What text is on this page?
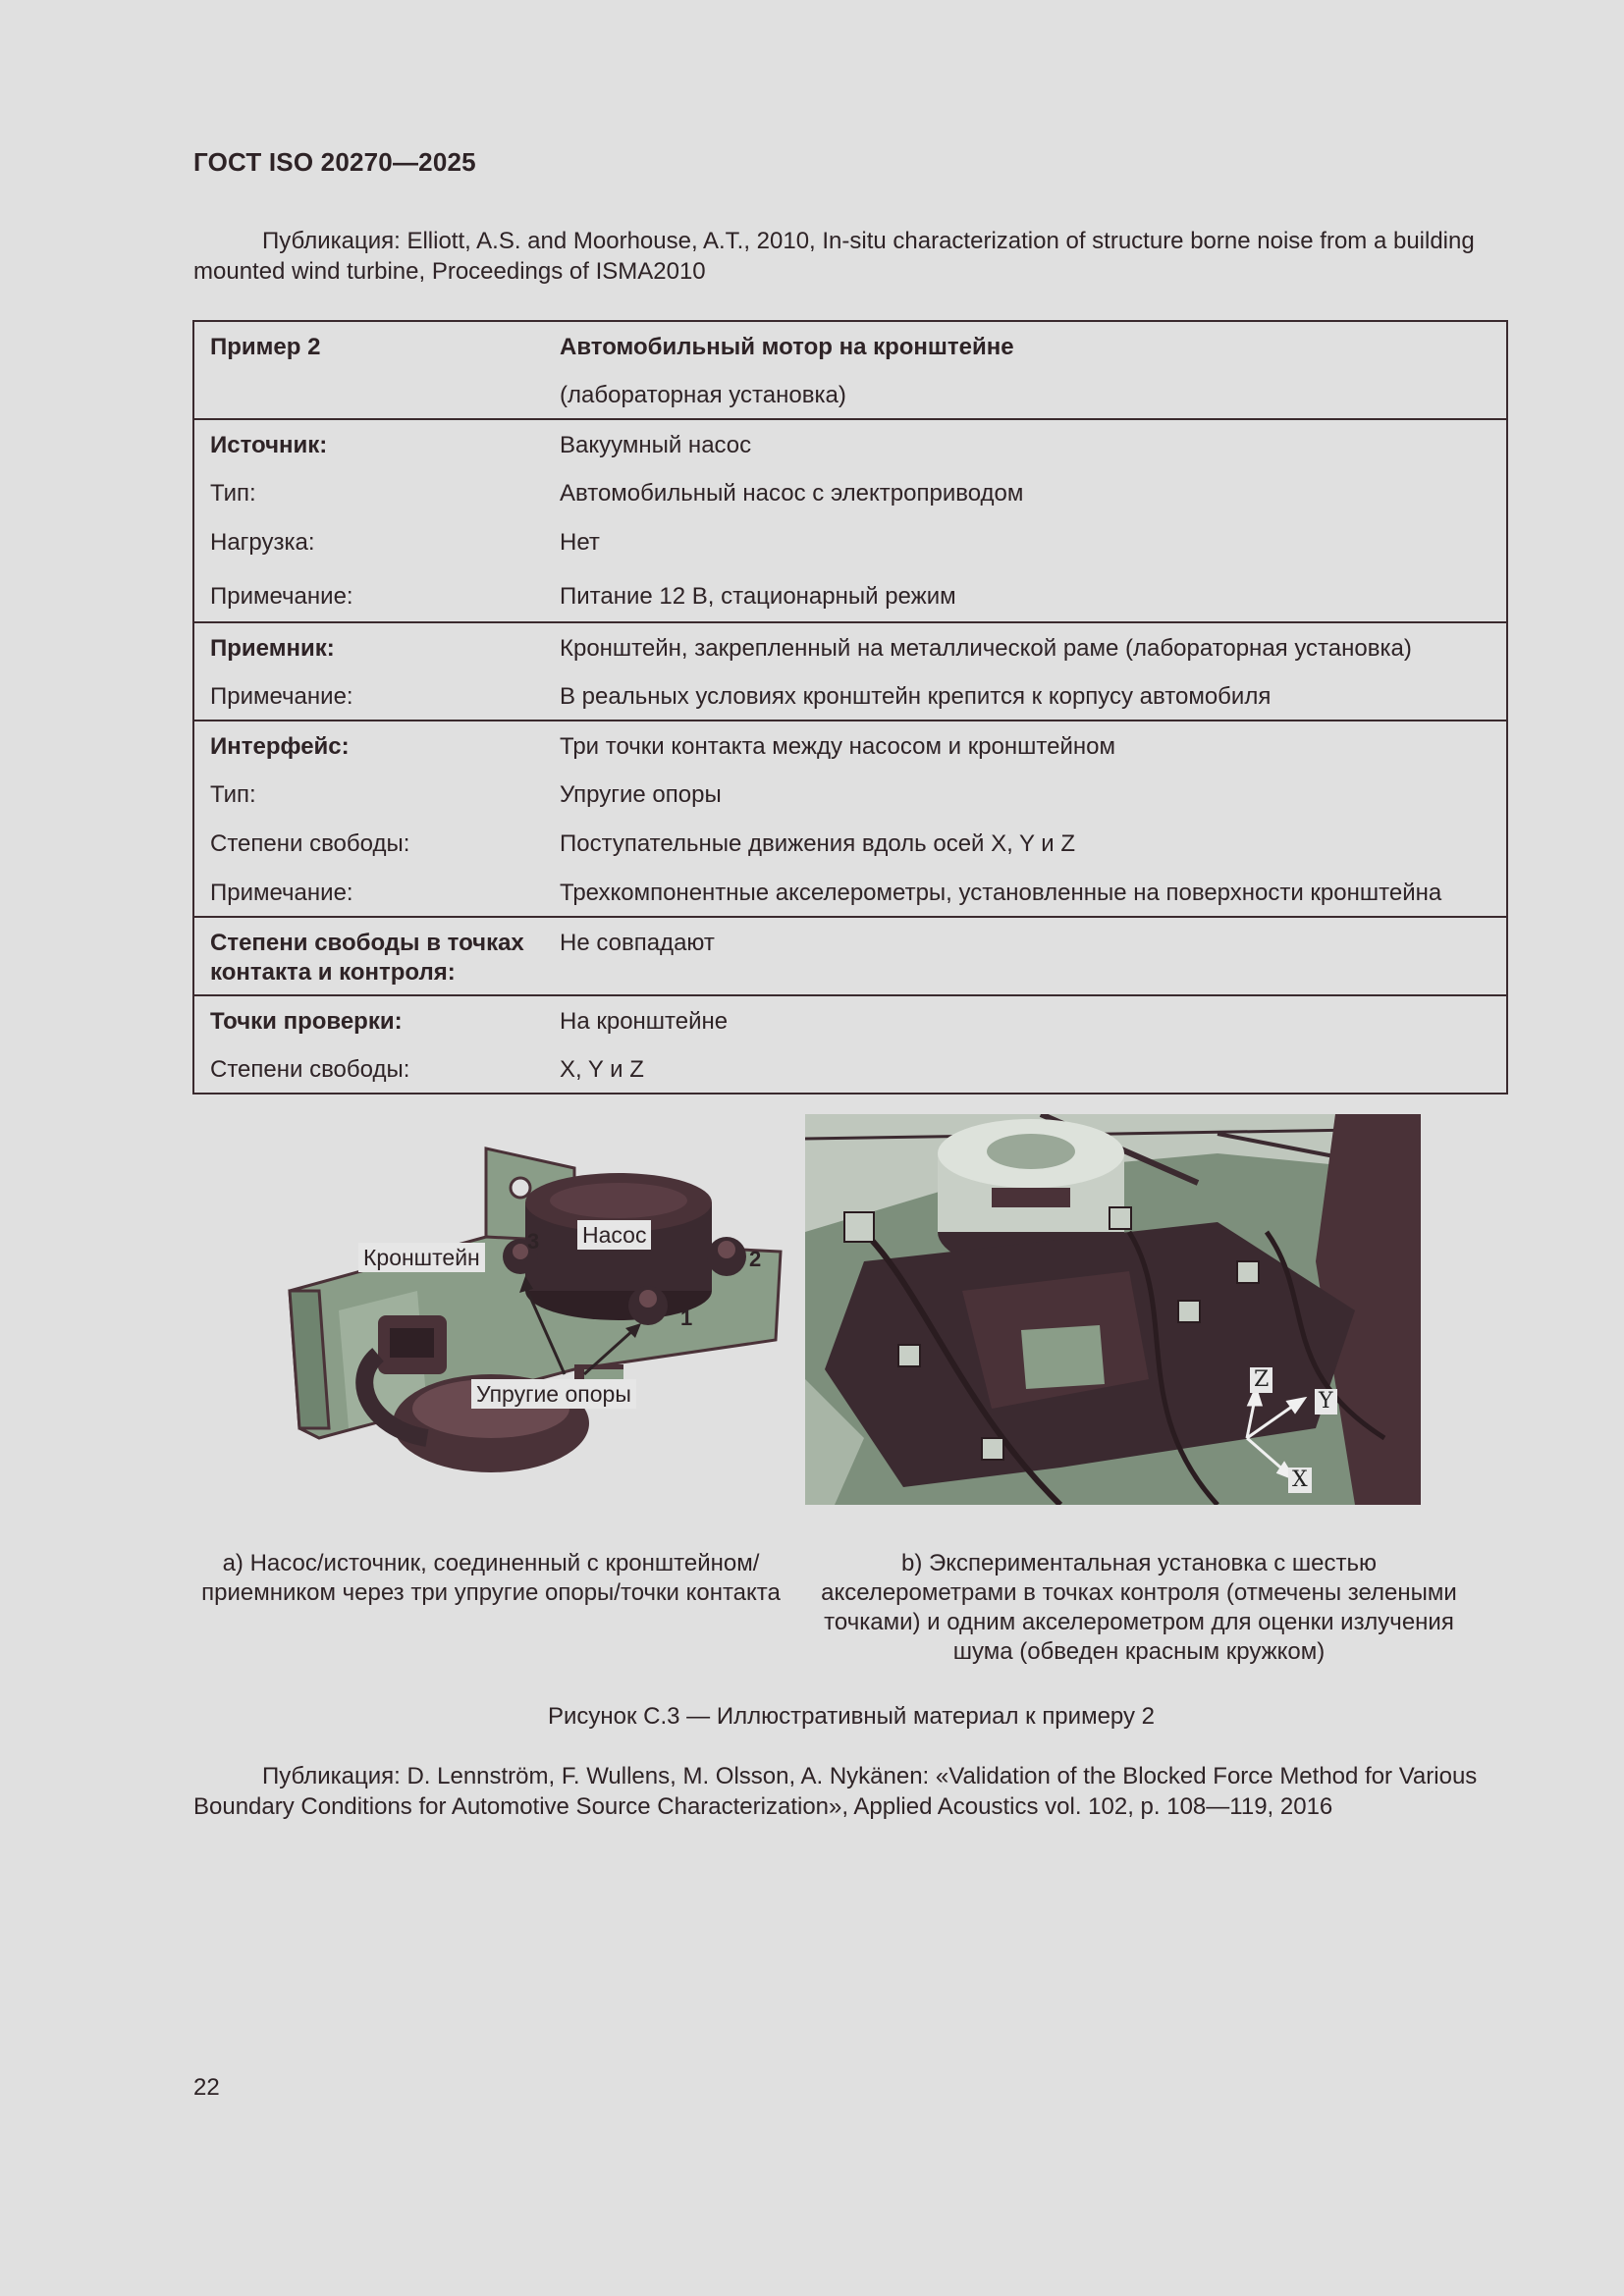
ГОСТ ISO 20270—2025
Публикация: Elliott, A.S. and Moorhouse, A.T., 2010, In-situ characterization of structure borne noise from a building mounted wind turbine, Proceedings of ISMA2010
Пример 2	Автомобильный мотор на кронштейне
	(лабораторная установка)
Источник:	Вакуумный насос
Тип:	Автомобильный насос с электроприводом
Нагрузка:	Нет
Примечание:	Питание 12 В, стационарный режим
Приемник:	Кронштейн, закрепленный на металлической раме (лабораторная установка)
Примечание:	В реальных условиях кронштейн крепится к корпусу автомобиля
Интерфейс:	Три точки контакта между насосом и кронштейном
Тип:	Упругие опоры
Степени свободы:	Поступательные движения вдоль осей X, Y и Z
Примечание:	Трехкомпонентные акселерометры, установленные на поверхности кронштейна
Степени свободы в точках контакта и контроля:	Не совпадают
Точки проверки:	На кронштейне
Степени свободы:	X, Y и Z
1
2
3
Кронштейн
Насос
Упругие опоры
Z
Y
X
a) Насос/источник, соединенный с кронштейном/приемником через три упругие опоры/точки контакта
b) Экспериментальная установка с шестью акселерометрами в точках контроля (отмечены зелеными точками) и одним акселерометром для оценки излучения шума (обведен красным кружком)
Рисунок С.3 — Иллюстративный материал к примеру 2
Публикация: D. Lennström, F. Wullens, M. Olsson, A. Nykänen: «Validation of the Blocked Force Method for Various Boundary Conditions for Automotive Source Characterization», Applied Acoustics vol. 102, p. 108—119, 2016
22
